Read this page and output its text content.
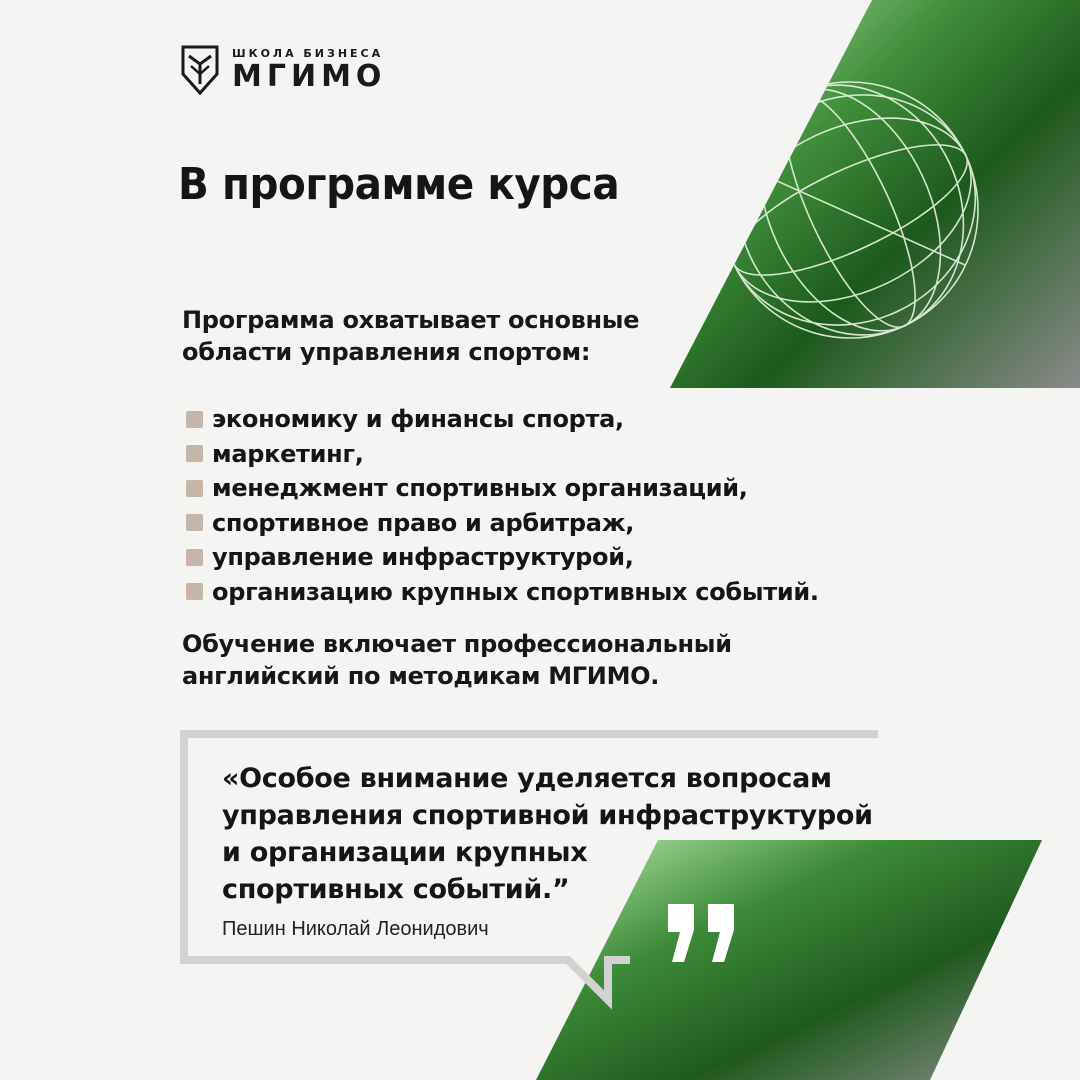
ШКОЛА БИЗНЕСА
МГИМО
В программе курса
Программа охватывает основные
области управления спортом:
экономику и финансы спорта,
маркетинг,
менеджмент спортивных организаций,
спортивное право и арбитраж,
управление инфраструктурой,
организацию крупных спортивных событий.
Обучение включает профессиональный
английский по методикам МГИМО.
«Особое внимание уделяется вопросам
управления спортивной инфраструктурой
и организации крупных
спортивных событий.”
Пешин Николай Леонидович
